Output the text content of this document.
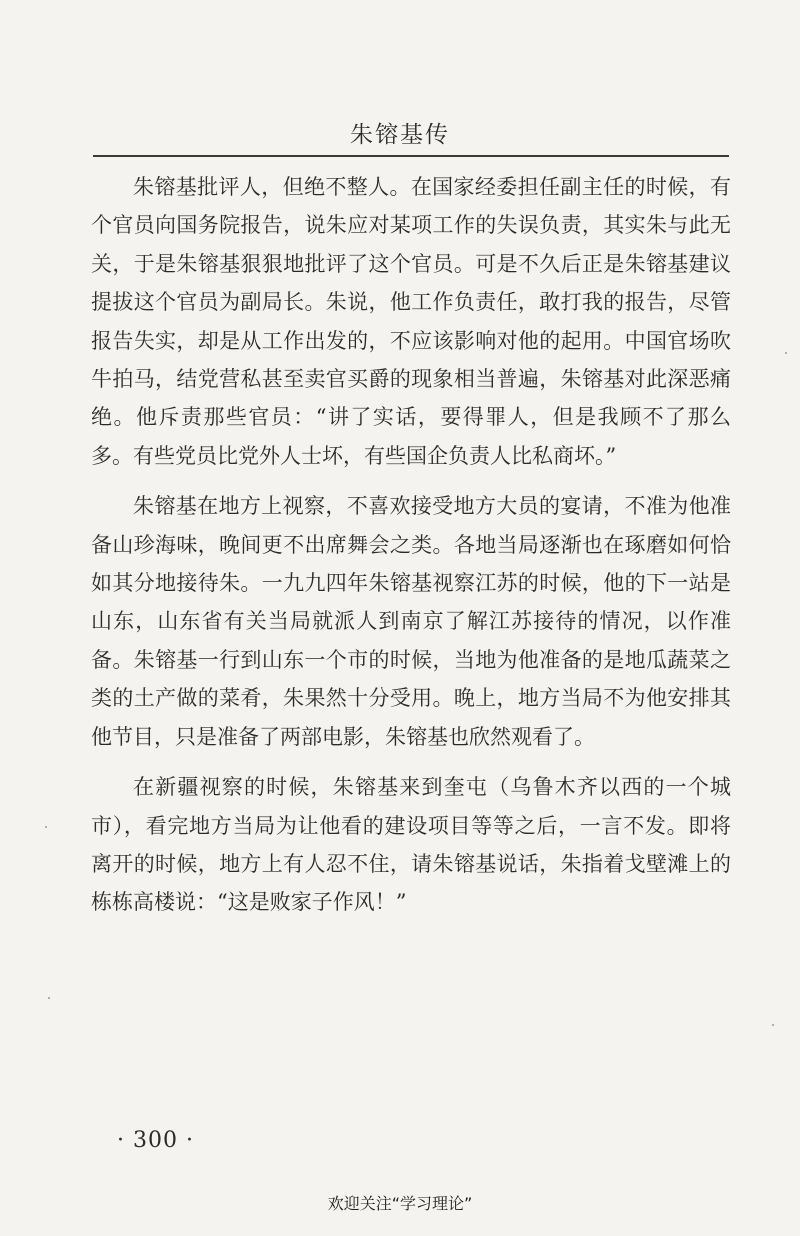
朱镕基传

朱镕基批评人，但绝不整人。在国家经委担任副主任的时候，有个官员向国务院报告，说朱应对某项工作的失误负责，其实朱与此无关，于是朱镕基狠狠地批评了这个官员。可是不久后正是朱镕基建议提拔这个官员为副局长。朱说，他工作负责任，敢打我的报告，尽管报告失实，却是从工作出发的，不应该影响对他的起用。中国官场吹牛拍马，结党营私甚至卖官买爵的现象相当普遍，朱镕基对此深恶痛绝。他斥责那些官员：“讲了实话，要得罪人，但是我顾不了那么多。有些党员比党外人士坏，有些国企负责人比私商坏。”

朱镕基在地方上视察，不喜欢接受地方大员的宴请，不准为他准备山珍海味，晚间更不出席舞会之类。各地当局逐渐也在琢磨如何恰如其分地接待朱。一九九四年朱镕基视察江苏的时候，他的下一站是山东，山东省有关当局就派人到南京了解江苏接待的情况，以作准备。朱镕基一行到山东一个市的时候，当地为他准备的是地瓜蔬菜之类的土产做的菜肴，朱果然十分受用。晚上，地方当局不为他安排其他节目，只是准备了两部电影，朱镕基也欣然观看了。

在新疆视察的时候，朱镕基来到奎屯（乌鲁木齐以西的一个城市），看完地方当局为让他看的建设项目等等之后，一言不发。即将离开的时候，地方上有人忍不住，请朱镕基说话，朱指着戈壁滩上的栋栋高楼说：“这是败家子作风！”

· 300 ·
欢迎关注“学习理论”
